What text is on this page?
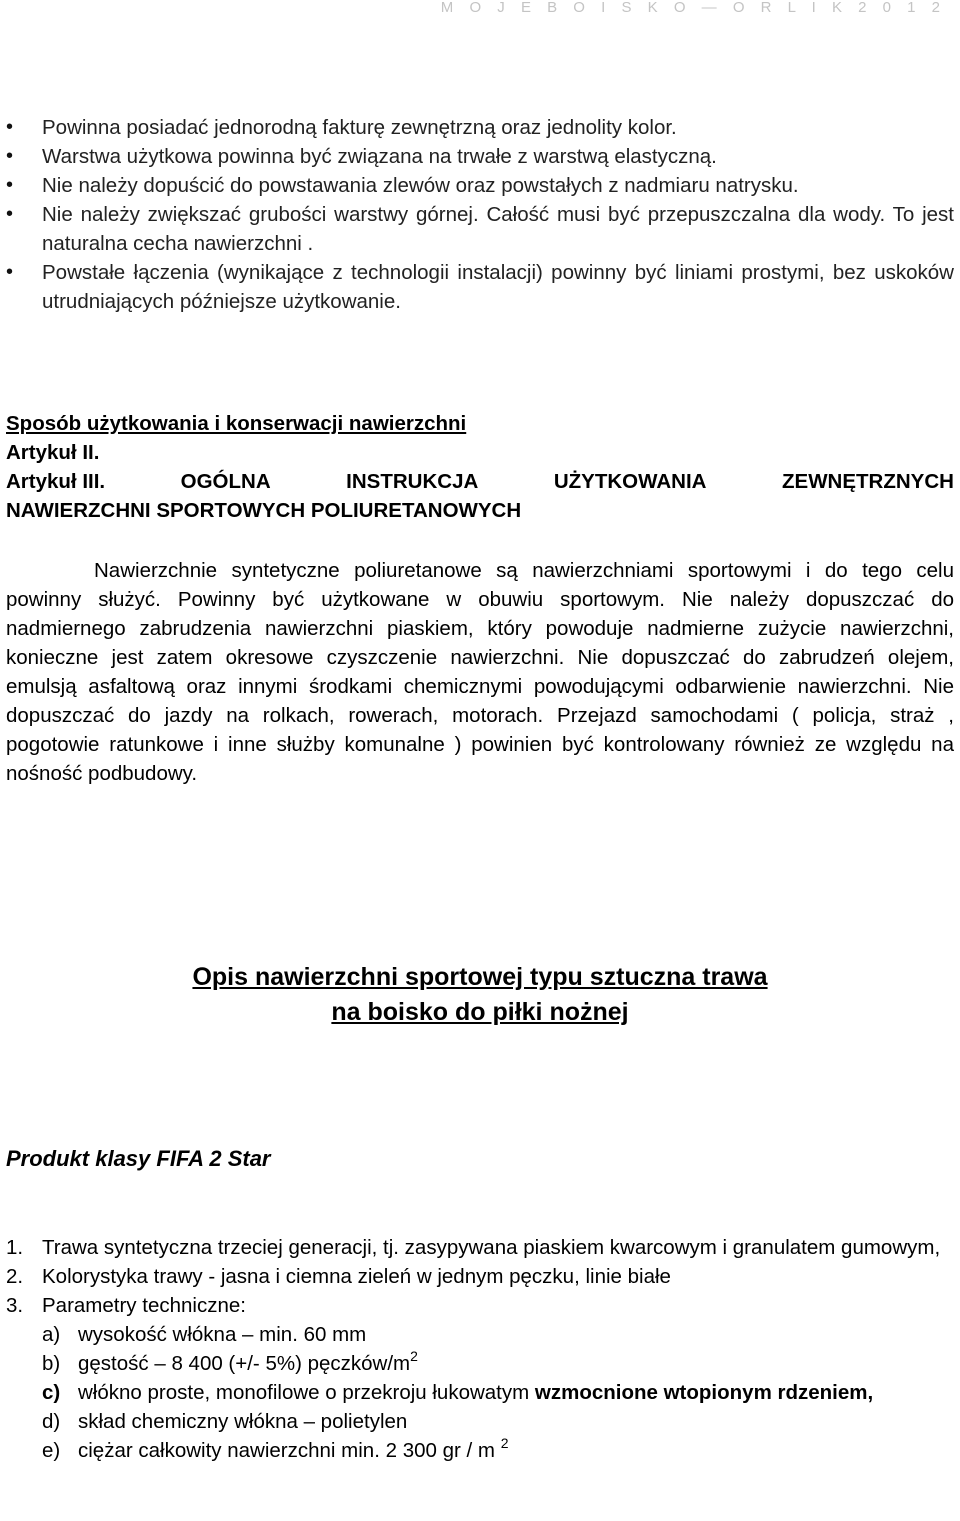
M O J E B O I S K O — O R L I K 2 0 1 2
• Powinna posiadać jednorodną fakturę zewnętrzną oraz jednolity kolor.
• Warstwa użytkowa powinna być związana na trwałe z warstwą elastyczną.
• Nie należy dopuścić do powstawania zlewów oraz powstałych z nadmiaru natrysku.
• Nie należy zwiększać grubości warstwy górnej. Całość musi być przepuszczalna dla wody. To jest naturalna cecha nawierzchni .
• Powstałe łączenia (wynikające z technologii instalacji) powinny być liniami prostymi, bez uskoków utrudniających późniejsze użytkowanie.
Sposób użytkowania i konserwacji nawierzchni
Artykuł II.
Artykuł III.	OGÓLNA	INSTRUKCJA	UŻYTKOWANIA	ZEWNĘTRZNYCH
NAWIERZCHNI SPORTOWYCH POLIURETANOWYCH
Nawierzchnie syntetyczne poliuretanowe są nawierzchniami sportowymi i do tego celu powinny służyć. Powinny być użytkowane w obuwiu sportowym. Nie należy dopuszczać do nadmiernego zabrudzenia nawierzchni piaskiem, który powoduje nadmierne zużycie nawierzchni, konieczne jest zatem okresowe czyszczenie nawierzchni. Nie dopuszczać do zabrudzeń olejem, emulsją asfaltową oraz innymi środkami chemicznymi powodującymi odbarwienie nawierzchni. Nie dopuszczać do jazdy na rolkach, rowerach, motorach. Przejazd samochodami ( policja, straż , pogotowie ratunkowe i inne służby komunalne ) powinien być kontrolowany również ze względu na nośność podbudowy.
Opis nawierzchni sportowej typu sztuczna trawa
na boisko do piłki nożnej
Produkt klasy FIFA 2 Star
1. Trawa syntetyczna trzeciej generacji, tj. zasypywana piaskiem kwarcowym i granulatem gumowym,
2. Kolorystyka trawy - jasna i ciemna zieleń w jednym pęczku, linie białe
3. Parametry techniczne:
a) wysokość włókna – min. 60 mm
b) gęstość – 8 400 (+/- 5%) pęczków/$m^2$
c) włókno proste, monofilowe o przekroju łukowatym wzmocnione wtopionym rdzeniem,
d) skład chemiczny włókna – polietylen
e) ciężar całkowity nawierzchni min. 2 300 gr / m $^2$
